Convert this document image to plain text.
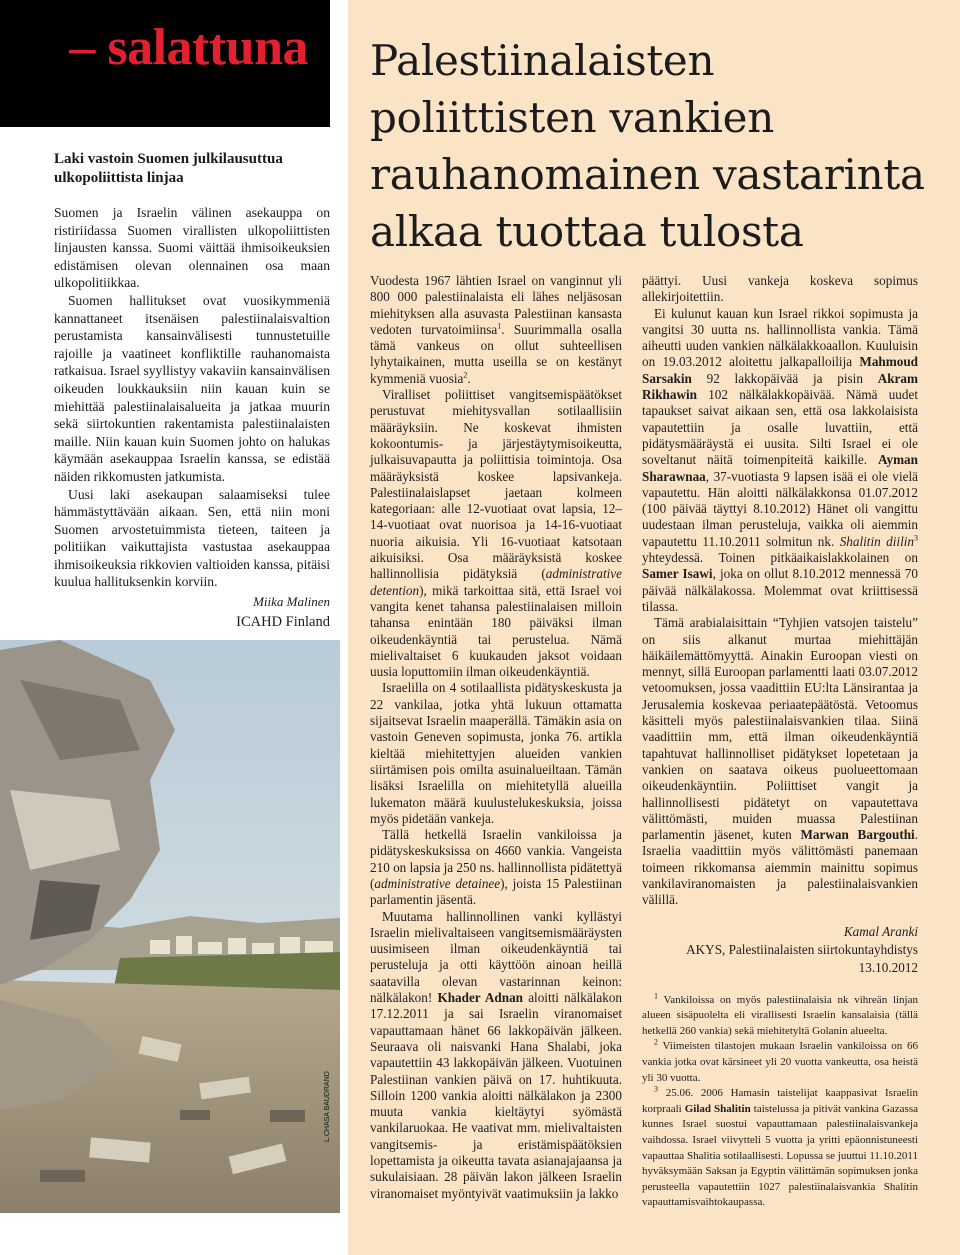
– salattuna
Laki vastoin Suomen julkilausuttua ulkopoliittista linjaa

Suomen ja Israelin välinen asekauppa on ristiriidassa Suomen virallisten ulkopoliittisten linjausten kanssa. Suomi väittää ihmisoikeuksien edistämisen olevan olennainen osa maan ulkopolitiikkaa.

Suomen hallitukset ovat vuosikymmeniä kannattaneet itsenäisen palestiinalaisvaltion perustamista kansainvälisesti tunnustetuille rajoille ja vaatineet konfliktille rauhanomaista ratkaisua. Israel syyllistyy vakaviin kansainvälisen oikeuden loukkauksiin niin kauan kuin se miehittää palestiinalaisalueita ja jatkaa muurin sekä siirtokuntien rakentamista palestiinalaisten maille. Niin kauan kuin Suomen johto on halukas käymään asekauppaa Israelin kanssa, se edistää näiden rikkomusten jatkumista.

Uusi laki asekaupan salaamiseksi tulee hämmästyttävään aikaan. Sen, että niin moni Suomen arvostetuimmista tieteen, taiteen ja politiikan vaikuttajista vastustaa asekauppaa ihmisoikeuksia rikkovien valtioiden kanssa, pitäisi kuulua hallituksenkin korviin.

Miika Malinen
ICAHD Finland
Palestiinalaisten
poliittisten vankien
rauhanomainen vastarinta
alkaa tuottaa tulosta

Vuodesta 1967 lähtien Israel on vanginnut yli 800 000 palestiinalaista eli lähes neljäsosan miehityksen alla asuvasta Palestiinan kansasta vedoten turvatoimiinsa$^1$. Suurimmalla osalla tämä vankeus on ollut suhteellisen lyhytaikainen, mutta useilla se on kestänyt kymmeniä vuosia$^2$.

Viralliset poliittiset vangitsemispäätökset perustuvat miehitysvallan sotilaallisiin määräyksiin. Ne koskevat ihmisten kokoontumis- ja järjestäytymisoikeutta, julkaisuvapautta ja poliittisia toimintoja. Osa määräyksistä koskee lapsivankeja. Palestiinalaislapset jaetaan kolmeen kategoriaan: alle 12-vuotiaat ovat lapsia, 12–14-vuotiaat ovat nuorisoa ja 14-16-vuotiaat nuoria aikuisia. Yli 16-vuotiaat katsotaan aikuisiksi. Osa määräyksistä koskee hallinnollisia pidätyksiä (administrative detention), mikä tarkoittaa sitä, että Israel voi vangita kenet tahansa palestiinalaisen milloin tahansa enintään 180 päiväksi ilman oikeudenkäyntiä tai perustelua. Nämä mielivaltaiset 6 kuukauden jaksot voidaan uusia loputtomiin ilman oikeudenkäyntiä.

Israelilla on 4 sotilaallista pidätyskeskusta ja 22 vankilaa, jotka yhtä lukuun ottamatta sijaitsevat Israelin maaperällä. Tämäkin asia on vastoin Geneven sopimusta, jonka 76. artikla kieltää miehitettyjen alueiden vankien siirtämisen pois omilta asuinalueiltaan. Tämän lisäksi Israelilla on miehitetyllä alueilla lukematon määrä kuulustelukeskuksia, joissa myös pidetään vankeja.

Tällä hetkellä Israelin vankiloissa ja pidätyskeskuksissa on 4660 vankia. Vangeista 210 on lapsia ja 250 ns. hallinnollista pidätettyä (administrative detainee), joista 15 Palestiinan parlamentin jäsentä.

Muutama hallinnollinen vanki kyllästyi Israelin mielivaltaiseen vangitsemismääräysten uusimiseen ilman oikeudenkäyntiä tai perusteluja ja otti käyttöön ainoan heillä saatavilla olevan vastarinnan keinon: nälkälakon! Khader Adnan aloitti nälkälakon 17.12.2011 ja sai Israelin viranomaiset vapauttamaan hänet 66 lakkopäivän jälkeen. Seuraava oli naisvanki Hana Shalabi, joka vapautettiin 43 lakkopäivän jälkeen. Vuotuinen Palestiinan vankien päivä on 17. huhtikuuta. Silloin 1200 vankia aloitti nälkälakon ja 2300 muuta vankia kieltäytyi syömästä vankilaruokaa. He vaativat mm. mielivaltaisten vangitsemis- ja eristämispäätöksien lopettamista ja oikeutta tavata asianajajaansa ja sukulaisiaan. 28 päivän lakon jälkeen Israelin viranomaiset myöntyivät vaatimuksiin ja lakko

päättyi. Uusi vankeja koskeva sopimus allekirjoitettiin.

Ei kulunut kauan kun Israel rikkoi sopimusta ja vangitsi 30 uutta ns. hallinnollista vankia. Tämä aiheutti uuden vankien nälkälakkoaallon. Kuuluisin on 19.03.2012 aloitettu jalkapalloilija Mahmoud Sarsakin 92 lakkopäivää ja pisin Akram Rikhawin 102 nälkälakkopäivää. Nämä uudet tapaukset saivat aikaan sen, että osa lakkolaisista vapautettiin ja osalle luvattiin, että pidätysmääräystä ei uusita. Silti Israel ei ole soveltanut näitä toimenpiteitä kaikille. Ayman Sharawnaa, 37-vuotiasta 9 lapsen isää ei ole vielä vapautettu. Hän aloitti nälkälakkonsa 01.07.2012 (100 päivää täyttyi 8.10.2012) Hänet oli vangittu uudestaan ilman perusteluja, vaikka oli aiemmin vapautettu 11.10.2011 solmitun nk. Shalitin diilin$^3$ yhteydessä. Toinen pitkäaikaislakkolainen on Samer Isawi, joka on ollut 8.10.2012 mennessä 70 päivää nälkälakossa. Molemmat ovat kriittisessä tilassa.

Tämä arabialaisittain “Tyhjien vatsojen taistelu” on siis alkanut murtaa miehittäjän häikäilemättömyyttä. Ainakin Euroopan viesti on mennyt, sillä Euroopan parlamentti laati 03.07.2012 vetoomuksen, jossa vaadittiin EU:lta Länsirantaa ja Jerusalemia koskevaa periaatepäätöstä. Vetoomus käsitteli myös palestiinalaisvankien tilaa. Siinä vaadittiin mm, että ilman oikeudenkäyntiä tapahtuvat hallinnolliset pidätykset lopetetaan ja vankien on saatava oikeus puolueettomaan oikeudenkäyntiin. Poliittiset vangit ja hallinnollisesti pidätetyt on vapautettava välittömästi, muiden muassa Palestiinan parlamentin jäsenet, kuten Marwan Bargouthi. Israelia vaadittiin myös välittömästi panemaan toimeen rikkomansa aiemmin mainittu sopimus vankilaviranomaisten ja palestiinalaisvankien välillä.

Kamal Aranki
AKYS, Palestiinalaisten siirtokuntayhdistys
13.10.2012

$^1$ Vankiloissa on myös palestiinalaisia nk vihreän linjan alueen sisäpuolelta eli virallisesti Israelin kansalaisia (tällä hetkellä 260 vankia) sekä miehitetyltä Golanin alueelta.

$^2$ Viimeisten tilastojen mukaan Israelin vankiloissa on 66 vankia jotka ovat kärsineet yli 20 vuotta vankeutta, osa heistä yli 30 vuotta.

$^3$ 25.06. 2006 Hamasin taistelijat kaappasivat Israelin korpraali Gilad Shalitin taistelussa ja pitivät vankina Gazassa kunnes Israel suostui vapauttamaan palestiinalaisvankeja vaihdossa. Israel viivytteli 5 vuotta ja yritti epäonnistuneesti vapauttaa Shalitia sotilaallisesti. Lopussa se juuttui 11.10.2011 hyväksymään Saksan ja Egyptin välittämän sopimuksen jonka perusteella vapautettiin 1027 palestiinalaisvankia Shalitin vapauttamisvaihtokaupassa.
